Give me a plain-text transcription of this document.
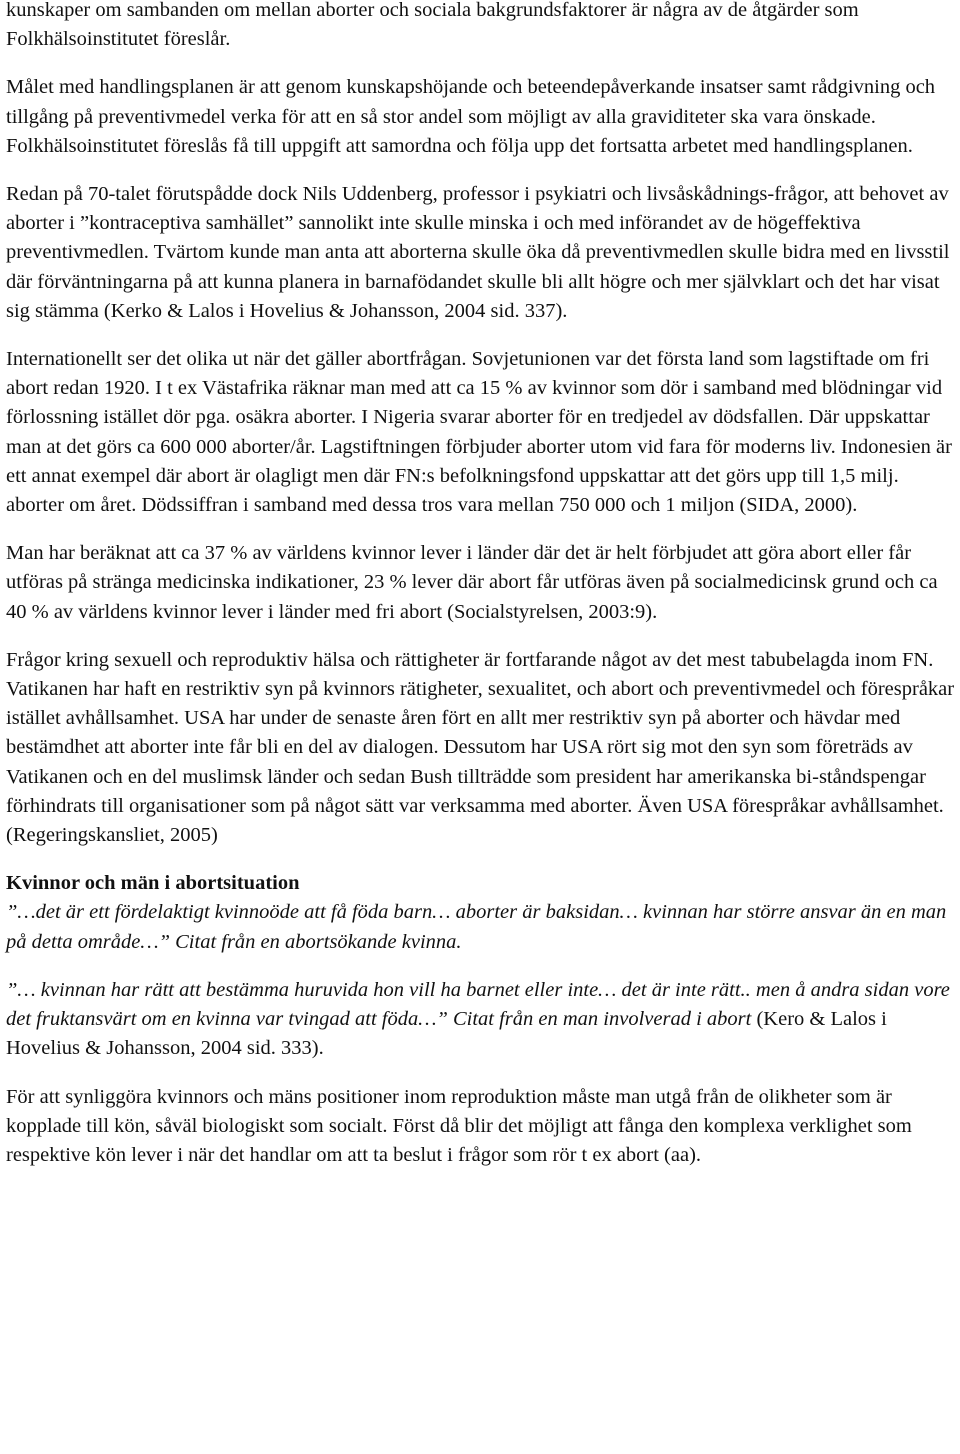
kunskaper om sambanden om mellan aborter och sociala bakgrundsfaktorer är några av de åtgärder som Folkhälsoinstitutet föreslår.

Målet med handlingsplanen är att genom kunskapshöjande och beteendepåverkande insatser samt rådgivning och tillgång på preventivmedel verka för att en så stor andel som möjligt av alla graviditeter ska vara önskade. Folkhälsoinstitutet föreslås få till uppgift att samordna och följa upp det fortsatta arbetet med handlingsplanen.

Redan på 70-talet förutspådde dock Nils Uddenberg, professor i psykiatri och livsåskådnings-frågor, att behovet av aborter i ”kontraceptiva samhället” sannolikt inte skulle minska i och med införandet av de högeffektiva preventivmedlen. Tvärtom kunde man anta att aborterna skulle öka då preventivmedlen skulle bidra med en livsstil där förväntningarna på att kunna planera in barnafödandet skulle bli allt högre och mer självklart och det har visat sig stämma (Kerko & Lalos i Hovelius & Johansson, 2004 sid. 337).

Internationellt ser det olika ut när det gäller abortfrågan. Sovjetunionen var det första land som lagstiftade om fri abort redan 1920. I t ex Västafrika räknar man med att ca 15 % av kvinnor som dör i samband med blödningar vid förlossning istället dör pga. osäkra aborter. I Nigeria svarar aborter för en tredjedel av dödsfallen. Där uppskattar man at det görs ca 600 000 aborter/år. Lagstiftningen förbjuder aborter utom vid fara för moderns liv. Indonesien är ett annat exempel där abort är olagligt men där FN:s befolkningsfond uppskattar att det görs upp till 1,5 milj. aborter om året. Dödssiffran i samband med dessa tros vara mellan 750 000 och 1 miljon (SIDA, 2000).

Man har beräknat att ca 37 % av världens kvinnor lever i länder där det är helt förbjudet att göra abort eller får utföras på stränga medicinska indikationer, 23 % lever där abort får utföras även på socialmedicinsk grund och ca 40 % av världens kvinnor lever i länder med fri abort (Socialstyrelsen, 2003:9).

Frågor kring sexuell och reproduktiv hälsa och rättigheter är fortfarande något av det mest tabubelagda inom FN. Vatikanen har haft en restriktiv syn på kvinnors rätigheter, sexualitet, och abort och preventivmedel och förespråkar istället avhållsamhet. USA har under de senaste åren fört en allt mer restriktiv syn på aborter och hävdar med bestämdhet att aborter inte får bli en del av dialogen. Dessutom har USA rört sig mot den syn som företräds av Vatikanen och en del muslimsk länder och sedan Bush tillträdde som president har amerikanska bi-ståndspengar förhindrats till organisationer som på något sätt var verksamma med aborter. Även USA förespråkar avhållsamhet. (Regeringskansliet, 2005)

Kvinnor och män i abortsituation

”…det är ett fördelaktigt kvinnoöde att få föda barn… aborter är baksidan… kvinnan har större ansvar än en man på detta område…” Citat från en abortsökande kvinna.

”… kvinnan har rätt att bestämma huruvida hon vill ha barnet eller inte… det är inte rätt.. men å andra sidan vore det fruktansvärt om en kvinna var tvingad att föda…” Citat från en man involverad i abort (Kero & Lalos i Hovelius & Johansson, 2004 sid. 333).

För att synliggöra kvinnors och mäns positioner inom reproduktion måste man utgå från de olikheter som är kopplade till kön, såväl biologiskt som socialt. Först då blir det möjligt att fånga den komplexa verklighet som respektive kön lever i när det handlar om att ta beslut i frågor som rör t ex abort (aa).
